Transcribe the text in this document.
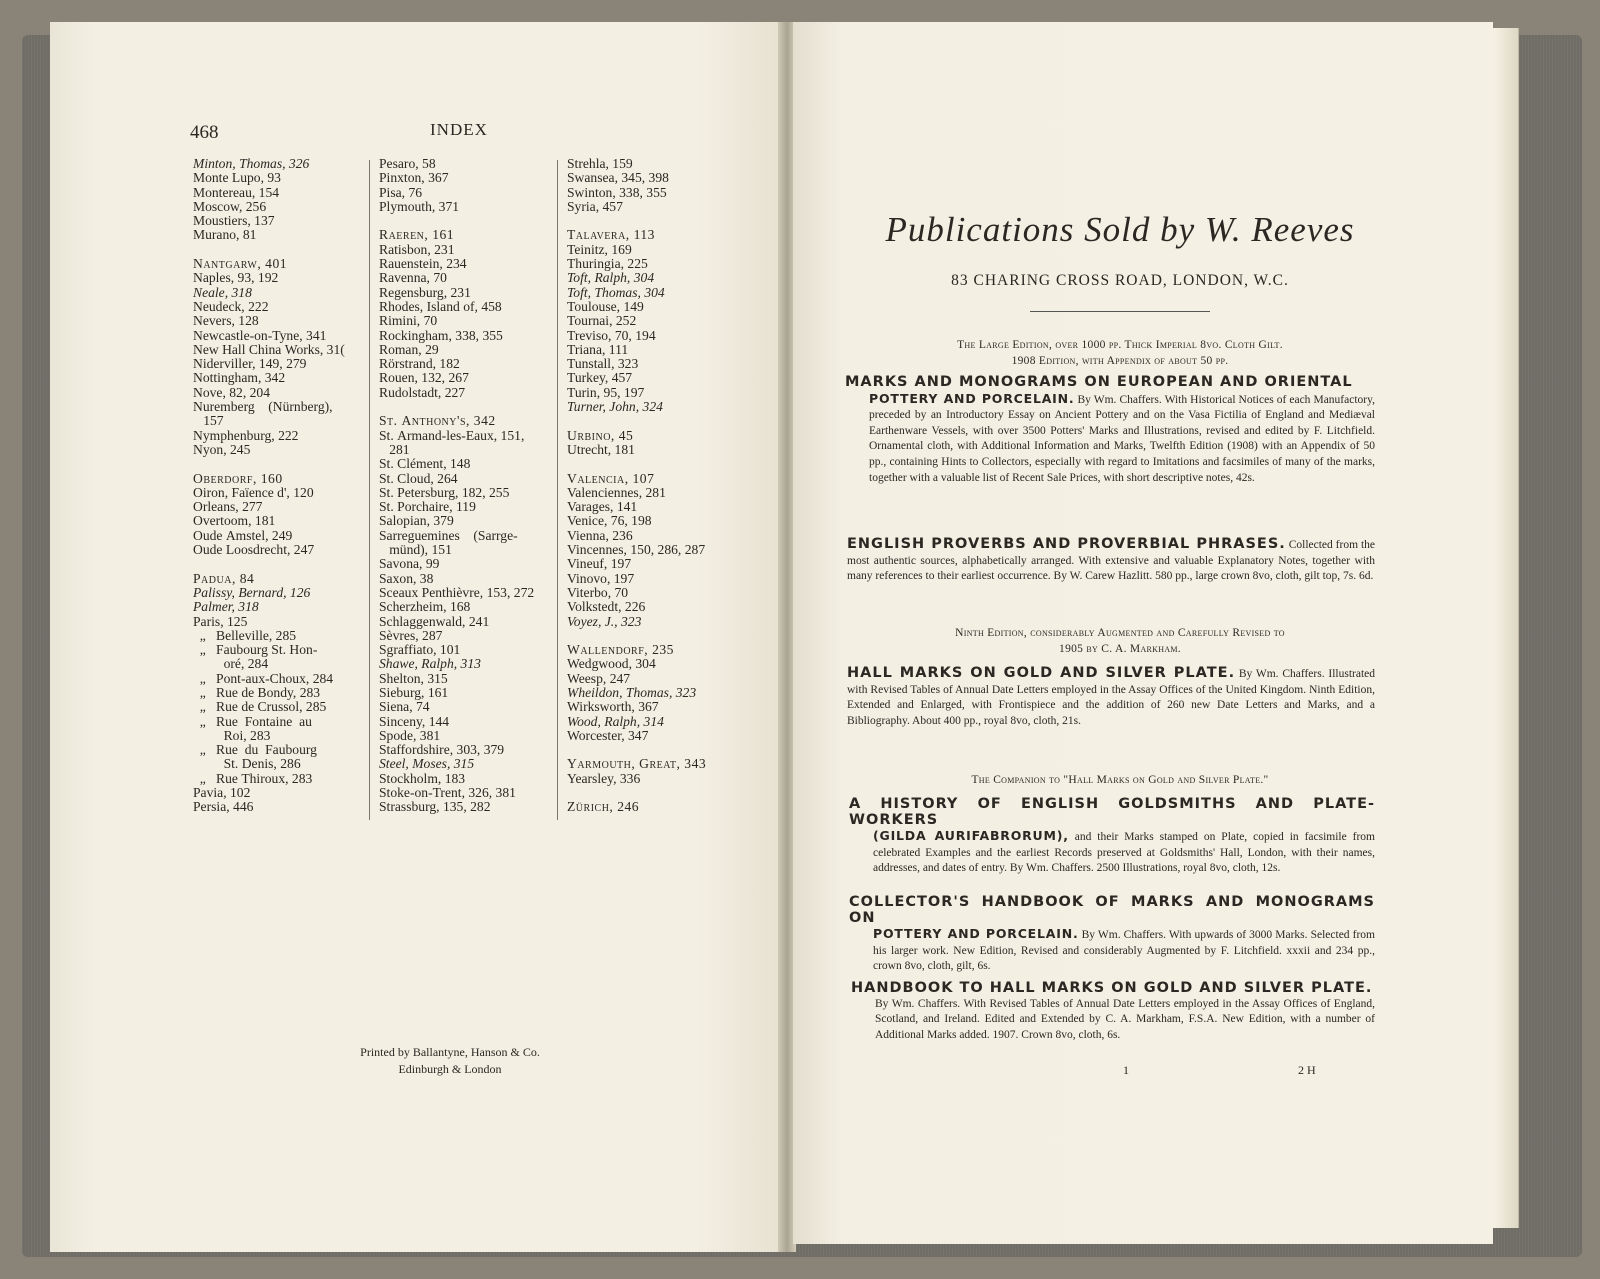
468	INDEX
Minton, Thomas, 326
Monte Lupo, 93
Montereau, 154
Moscow, 256
Moustiers, 137
Murano, 81
Nantgarw, 401
Naples, 93, 192
Neale, 318
Neudeck, 222
Nevers, 128
Newcastle-on-Tyne, 341
New Hall China Works, 31(
Niderviller, 149, 279
Nottingham, 342
Nove, 82, 204
Nuremberg    (Nürnberg),
157
Nymphenburg, 222
Nyon, 245
Oberdorf, 160
Oiron, Faïence d', 120
Orleans, 277
Overtoom, 181
Oude Amstel, 249
Oude Loosdrecht, 247
Padua, 84
Palissy, Bernard, 126
Palmer, 318
Paris, 125
„   Belleville, 285
„   Faubourg St. Hon-
oré, 284
„   Pont-aux-Choux, 284
„   Rue de Bondy, 283
„   Rue de Crussol, 285
„   Rue  Fontaine  au
Roi, 283
„   Rue  du  Faubourg
St. Denis, 286
„   Rue Thiroux, 283
Pavia, 102
Persia, 446
Pesaro, 58
Pinxton, 367
Pisa, 76
Plymouth, 371
Raeren, 161
Ratisbon, 231
Rauenstein, 234
Ravenna, 70
Regensburg, 231
Rhodes, Island of, 458
Rimini, 70
Rockingham, 338, 355
Roman, 29
Rörstrand, 182
Rouen, 132, 267
Rudolstadt, 227
St. Anthony's, 342
St. Armand-les-Eaux, 151,
281
St. Clément, 148
St. Cloud, 264
St. Petersburg, 182, 255
St. Porchaire, 119
Salopian, 379
Sarreguemines    (Sarrge-
münd), 151
Savona, 99
Saxon, 38
Sceaux Penthièvre, 153, 272
Scherzheim, 168
Schlaggenwald, 241
Sèvres, 287
Sgraffiato, 101
Shawe, Ralph, 313
Shelton, 315
Sieburg, 161
Siena, 74
Sinceny, 144
Spode, 381
Staffordshire, 303, 379
Steel, Moses, 315
Stockholm, 183
Stoke-on-Trent, 326, 381
Strassburg, 135, 282
Strehla, 159
Swansea, 345, 398
Swinton, 338, 355
Syria, 457
Talavera, 113
Teinitz, 169
Thuringia, 225
Toft, Ralph, 304
Toft, Thomas, 304
Toulouse, 149
Tournai, 252
Treviso, 70, 194
Triana, 111
Tunstall, 323
Turkey, 457
Turin, 95, 197
Turner, John, 324
Urbino, 45
Utrecht, 181
Valencia, 107
Valenciennes, 281
Varages, 141
Venice, 76, 198
Vienna, 236
Vincennes, 150, 286, 287
Vineuf, 197
Vinovo, 197
Viterbo, 70
Volkstedt, 226
Voyez, J., 323
Wallendorf, 235
Wedgwood, 304
Weesp, 247
Wheildon, Thomas, 323
Wirksworth, 367
Wood, Ralph, 314
Worcester, 347
Yarmouth, Great, 343
Yearsley, 336
Zürich, 246
Printed by Ballantyne, Hanson & Co.
Edinburgh & London
Publications Sold by W. Reeves
83 CHARING CROSS ROAD, LONDON, W.C.
The Large Edition, over 1000 pp. Thick Imperial 8vo. Cloth Gilt.
1908 Edition, with Appendix of about 50 pp.
MARKS AND MONOGRAMS ON EUROPEAN AND ORIENTAL
POTTERY AND PORCELAIN. By Wm. Chaffers. With Historical Notices of each Manufactory, preceded by an Introductory Essay on Ancient Pottery and on the Vasa Fictilia of England and Mediæval Earthenware Vessels, with over 3500 Potters' Marks and Illustrations, revised and edited by F. Litchfield. Ornamental cloth, with Additional Information and Marks, Twelfth Edition (1908) with an Appendix of 50 pp., containing Hints to Collectors, especially with regard to Imitations and facsimiles of many of the marks, together with a valuable list of Recent Sale Prices, with short descriptive notes, 42s.
ENGLISH PROVERBS AND PROVERBIAL PHRASES. Collected from the most authentic sources, alphabetically arranged. With extensive and valuable Explanatory Notes, together with many references to their earliest occurrence. By W. Carew Hazlitt. 580 pp., large crown 8vo, cloth, gilt top, 7s. 6d.
Ninth Edition, considerably Augmented and Carefully Revised to
1905 by C. A. Markham.
HALL MARKS ON GOLD AND SILVER PLATE. By Wm. Chaffers. Illustrated with Revised Tables of Annual Date Letters employed in the Assay Offices of the United Kingdom. Ninth Edition, Extended and Enlarged, with Frontispiece and the addition of 260 new Date Letters and Marks, and a Bibliography. About 400 pp., royal 8vo, cloth, 21s.
The Companion to "Hall Marks on Gold and Silver Plate."
A HISTORY OF ENGLISH GOLDSMITHS AND PLATE-WORKERS
(GILDA AURIFABRORUM), and their Marks stamped on Plate, copied in facsimile from celebrated Examples and the earliest Records preserved at Goldsmiths' Hall, London, with their names, addresses, and dates of entry. By Wm. Chaffers. 2500 Illustrations, royal 8vo, cloth, 12s.
COLLECTOR'S HANDBOOK OF MARKS AND MONOGRAMS ON
POTTERY AND PORCELAIN. By Wm. Chaffers. With upwards of 3000 Marks. Selected from his larger work. New Edition, Revised and considerably Augmented by F. Litchfield. xxxii and 234 pp., crown 8vo, cloth, gilt, 6s.
HANDBOOK TO HALL MARKS ON GOLD AND SILVER PLATE.
By Wm. Chaffers. With Revised Tables of Annual Date Letters employed in the Assay Offices of England, Scotland, and Ireland. Edited and Extended by C. A. Markham, F.S.A. New Edition, with a number of Additional Marks added. 1907. Crown 8vo, cloth, 6s.
1	2 H
